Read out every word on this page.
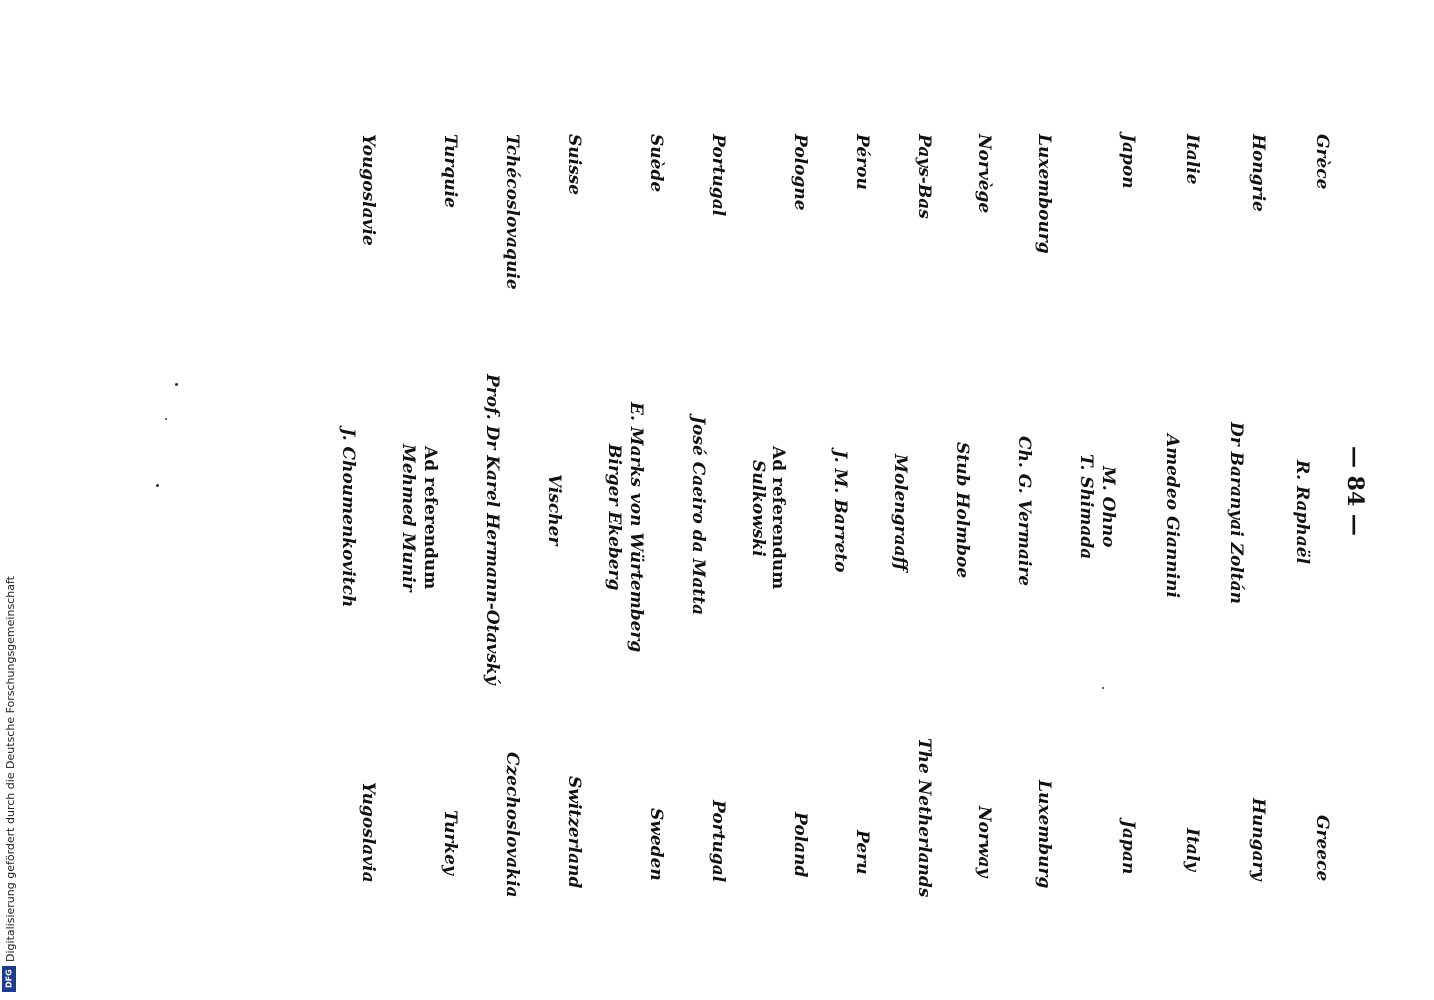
— 84 —
Grèce
R. Raphaël
Greece
Hongrie
Dr Baranyai Zoltán
Hungary
Italie
Amedeo Giannini
Italy
Japon
M. Ohno
T. Shimada
Japan
Luxembourg
Ch. G. Vermaire
Luxemburg
Norvège
Stub Holmboe
Norway
Pays-Bas
Molengraaff
The Netherlands
Pérou
J. M. Barreto
Peru
Pologne
Ad referendum
Sulkowski
Poland
Portugal
José Caeiro da Matta
Portugal
Suède
E. Marks von Würtemberg
Birger Ekeberg
Sweden
Suisse
Vischer
Switzerland
Tchécoslovaquie
Prof. Dr Karel Hermann-Otavský
Czechoslovakia
Turquie
Ad referendum
Mehmed Munir
Turkey
Yougoslavie
J. Choumenkovitch
Yugoslavia
Digitalisierung gefördert durch die Deutsche Forschungsgemeinschaft
DFG
